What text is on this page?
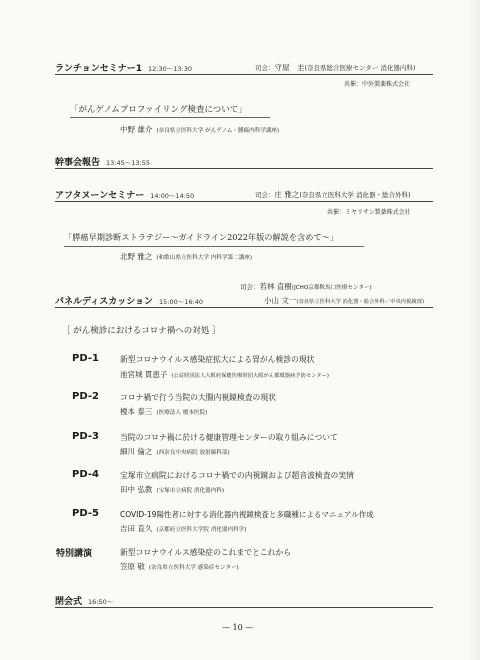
ランチョンセミナー1 12:30〜13:30	司会：守屋　圭(奈良県総合医療センター 消化器内科)
共催：中外製薬株式会社
「がんゲノムプロファイリング検査について」
中野 雄介 (奈良県立医科大学 がんゲノム・腫瘍内科学講座)
幹事会報告 13:45〜13:55
アフタヌーンセミナー 14:00〜14:50	司会：庄 雅之(奈良県立医科大学 消化器・総合外科)
共催：ミヤリサン製薬株式会社
「膵癌早期診断ストラテジー〜ガイドライン2022年版の解説を含めて〜」
北野 雅之 (和歌山県立医科大学 内科学第二講座)
司会：若林 直樹(JCHO京都鞍馬口医療センター)
パネルディスカッション 15:00〜16:40	小山 文一(奈良県立医科大学 消化器・総合外科／中央内視鏡部)
［ がん検診におけるコロナ禍への対処 ］
PD-1	新型コロナウイルス感染症拡大による胃がん検診の現状
池宮城 貫恵子 (公益財団法人大阪府保健医療財団大阪がん循環器病予防センター)
PD-2	コロナ禍で行う当院の大腸内視鏡検査の現状
榎本 泰三 (医療法人 榎本医院)
PD-3	当院のコロナ禍に於ける健康管理センターの取り組みについて
細川 倫之 (西奈良中央病院 放射線科部)
PD-4	宝塚市立病院におけるコロナ禍での内視鏡および超音波検査の実情
田中 弘教 (宝塚市立病院 消化器内科)
PD-5	COVID-19陽性者に対する消化器内視鏡検査と多職種によるマニュアル作成
吉田 直久 (京都府立医科大学院 消化器内科学)
特別講演	新型コロナウイルス感染症のこれまでとこれから
笠原 敬 (奈良県立医科大学 感染症センター)
閉会式 16:50〜
— 10 —
